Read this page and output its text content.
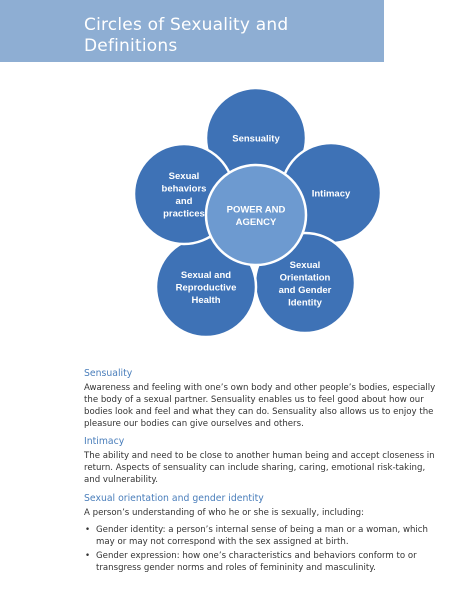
Circles of Sexuality and
Definitions
Sensuality
Intimacy
Sexual Orientation and Gender Identity
Sexual and Reproductive Health
Sexual behaviors and practices POWER AND AGENCY
Sensuality
Awareness and feeling with one’s own body and other people’s bodies, especially the body of a sexual partner. Sensuality enables us to feel good about how our bodies look and feel and what they can do. Sensuality also allows us to enjoy the pleasure our bodies can give ourselves and others.
Intimacy
The ability and need to be close to another human being and accept closeness in return. Aspects of sensuality can include sharing, caring, emotional risk-taking, and vulnerability.
Sexual orientation and gender identity
A person’s understanding of who he or she is sexually, including:
• Gender identity: a person’s internal sense of being a man or a woman, which may or may not correspond with the sex assigned at birth.
• Gender expression: how one’s characteristics and behaviors conform to or transgress gender norms and roles of femininity and masculinity.
